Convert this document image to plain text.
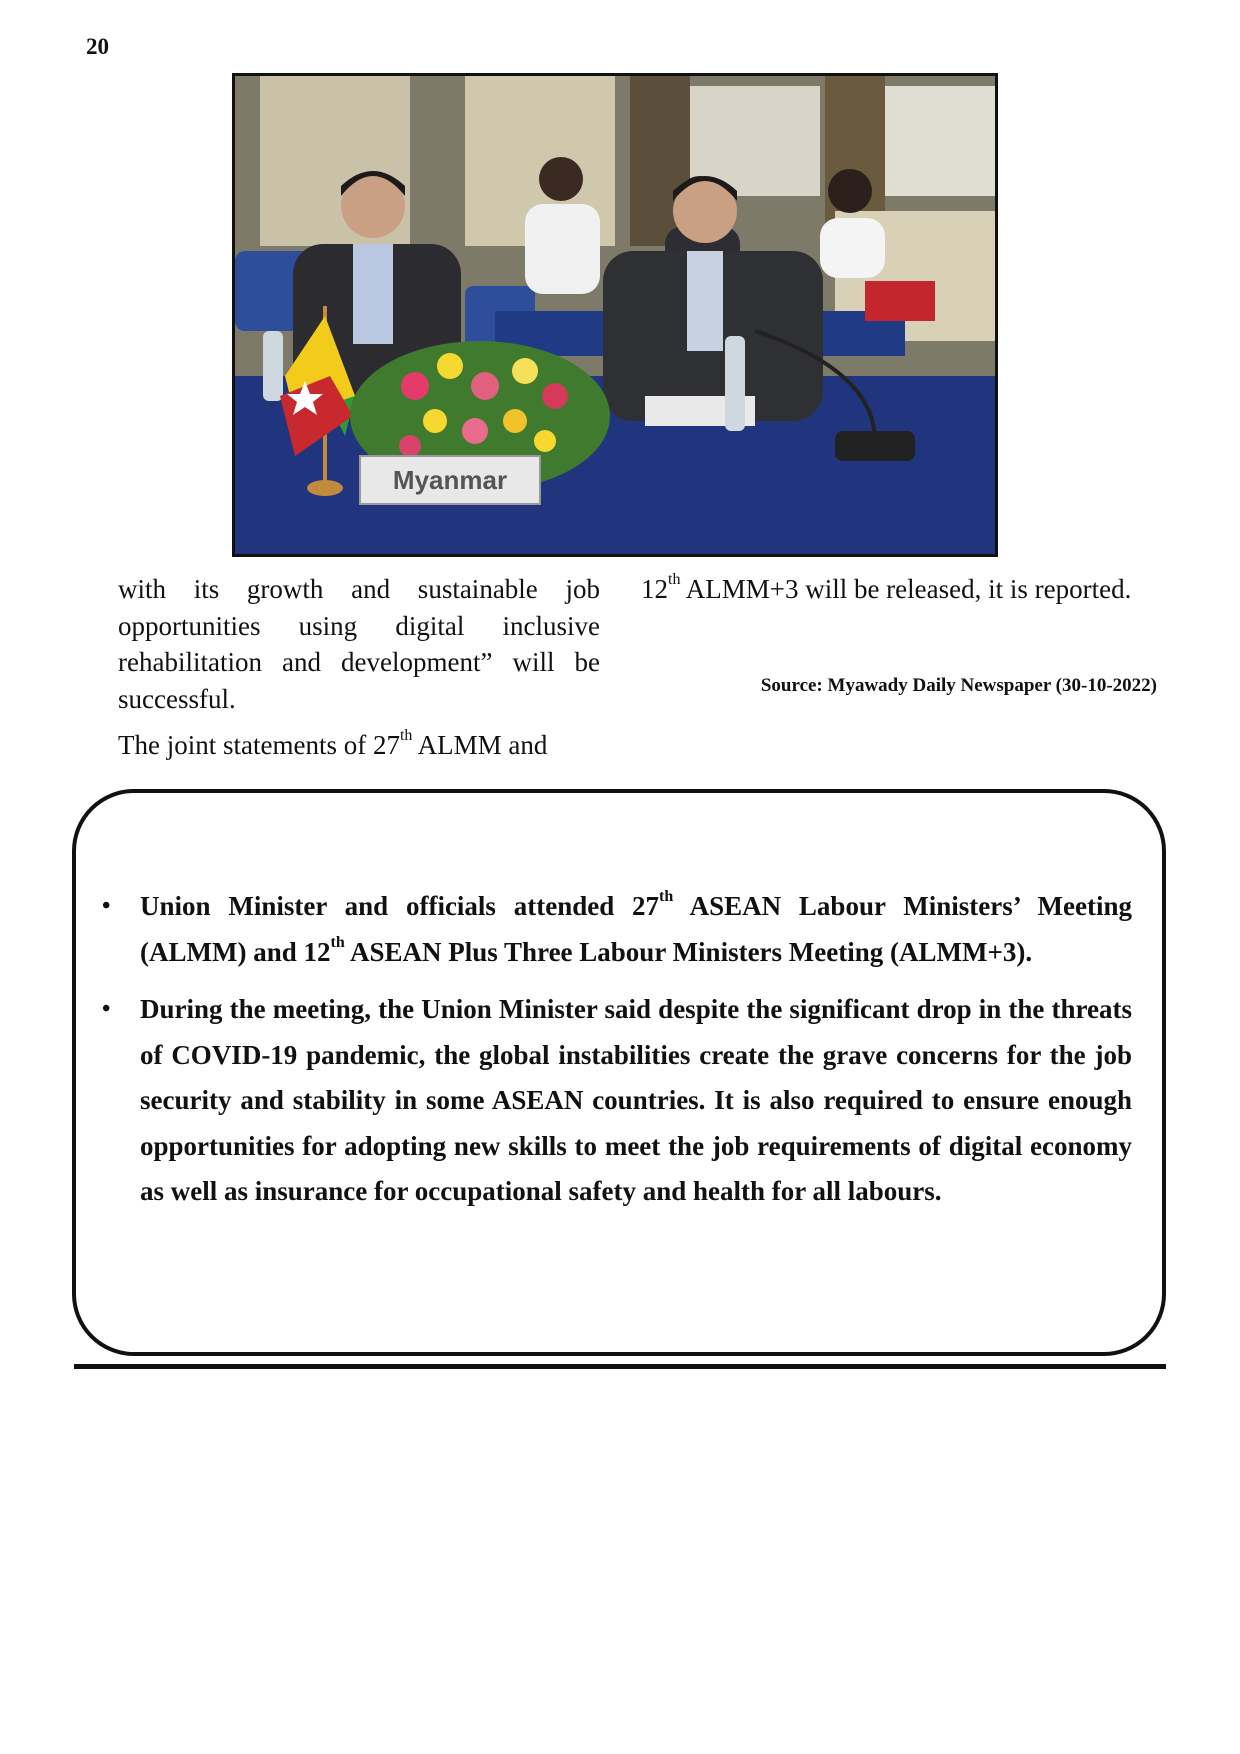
20
Myanmar

with its growth and sustainable job opportunities using digital inclusive rehabilitation and development” will be successful.

The joint statements of 27th ALMM and

12th ALMM+3 will be released, it is reported.

Source: Myawady Daily Newspaper (30-10-2022)
• Union Minister and officials attended 27th ASEAN Labour Ministers’ Meeting (ALMM) and 12th ASEAN Plus Three Labour Ministers Meeting (ALMM+3).
• During the meeting, the Union Minister said despite the significant drop in the threats of COVID-19 pandemic, the global instabilities create the grave concerns for the job security and stability in some ASEAN countries. It is also required to ensure enough opportunities for adopting new skills to meet the job requirements of digital economy as well as insurance for occupational safety and health for all labours.
